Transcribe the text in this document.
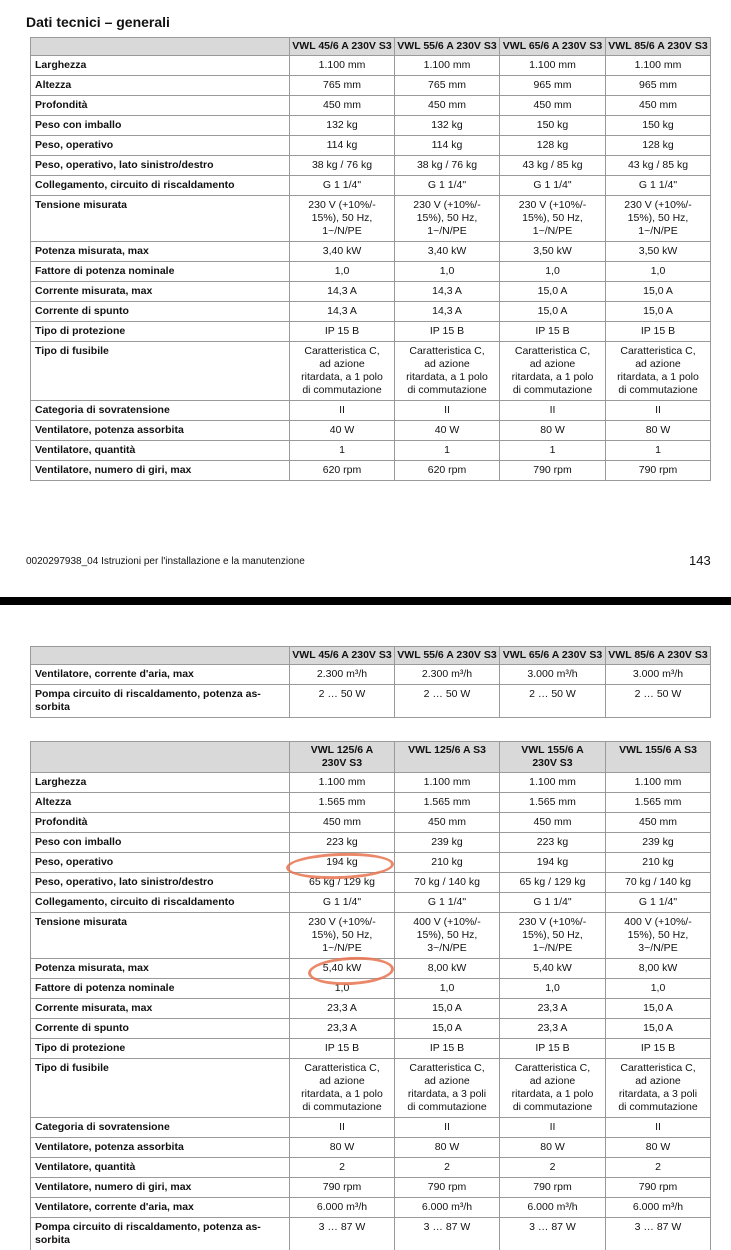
Dati tecnici – generali
	VWL 45/6 A 230V S3	VWL 55/6 A 230V S3	VWL 65/6 A 230V S3	VWL 85/6 A 230V S3
Larghezza	1.100 mm	1.100 mm	1.100 mm	1.100 mm
Altezza	765 mm	765 mm	965 mm	965 mm
Profondità	450 mm	450 mm	450 mm	450 mm
Peso con imballo	132 kg	132 kg	150 kg	150 kg
Peso, operativo	114 kg	114 kg	128 kg	128 kg
Peso, operativo, lato sinistro/destro	38 kg / 76 kg	38 kg / 76 kg	43 kg / 85 kg	43 kg / 85 kg
Collegamento, circuito di riscaldamento	G 1 1/4"	G 1 1/4"	G 1 1/4"	G 1 1/4"
Tensione misurata	230 V (+10%/-
15%), 50 Hz,
1~/N/PE	230 V (+10%/-
15%), 50 Hz,
1~/N/PE	230 V (+10%/-
15%), 50 Hz,
1~/N/PE	230 V (+10%/-
15%), 50 Hz,
1~/N/PE
Potenza misurata, max	3,40 kW	3,40 kW	3,50 kW	3,50 kW
Fattore di potenza nominale	1,0	1,0	1,0	1,0
Corrente misurata, max	14,3 A	14,3 A	15,0 A	15,0 A
Corrente di spunto	14,3 A	14,3 A	15,0 A	15,0 A
Tipo di protezione	IP 15 B	IP 15 B	IP 15 B	IP 15 B
Tipo di fusibile	Caratteristica C,
ad azione
ritardata, a 1 polo
di commutazione	Caratteristica C,
ad azione
ritardata, a 1 polo
di commutazione	Caratteristica C,
ad azione
ritardata, a 1 polo
di commutazione	Caratteristica C,
ad azione
ritardata, a 1 polo
di commutazione
Categoria di sovratensione	II	II	II	II
Ventilatore, potenza assorbita	40 W	40 W	80 W	80 W
Ventilatore, quantità	1	1	1	1
Ventilatore, numero di giri, max	620 rpm	620 rpm	790 rpm	790 rpm
0020297938_04 Istruzioni per l'installazione e la manutenzione	143
	VWL 45/6 A 230V S3	VWL 55/6 A 230V S3	VWL 65/6 A 230V S3	VWL 85/6 A 230V S3
Ventilatore, corrente d'aria, max	2.300 m³/h	2.300 m³/h	3.000 m³/h	3.000 m³/h
Pompa circuito di riscaldamento, potenza as-
sorbita	2 … 50 W	2 … 50 W	2 … 50 W	2 … 50 W
	VWL 125/6 A
230V S3	VWL 125/6 A S3	VWL 155/6 A
230V S3	VWL 155/6 A S3
Larghezza	1.100 mm	1.100 mm	1.100 mm	1.100 mm
Altezza	1.565 mm	1.565 mm	1.565 mm	1.565 mm
Profondità	450 mm	450 mm	450 mm	450 mm
Peso con imballo	223 kg	239 kg	223 kg	239 kg
Peso, operativo	194 kg	210 kg	194 kg	210 kg
Peso, operativo, lato sinistro/destro	65 kg / 129 kg	70 kg / 140 kg	65 kg / 129 kg	70 kg / 140 kg
Collegamento, circuito di riscaldamento	G 1 1/4"	G 1 1/4"	G 1 1/4"	G 1 1/4"
Tensione misurata	230 V (+10%/-
15%), 50 Hz,
1~/N/PE	400 V (+10%/-
15%), 50 Hz,
3~/N/PE	230 V (+10%/-
15%), 50 Hz,
1~/N/PE	400 V (+10%/-
15%), 50 Hz,
3~/N/PE
Potenza misurata, max	5,40 kW	8,00 kW	5,40 kW	8,00 kW
Fattore di potenza nominale	1,0	1,0	1,0	1,0
Corrente misurata, max	23,3 A	15,0 A	23,3 A	15,0 A
Corrente di spunto	23,3 A	15,0 A	23,3 A	15,0 A
Tipo di protezione	IP 15 B	IP 15 B	IP 15 B	IP 15 B
Tipo di fusibile	Caratteristica C,
ad azione
ritardata, a 1 polo
di commutazione	Caratteristica C,
ad azione
ritardata, a 3 poli
di commutazione	Caratteristica C,
ad azione
ritardata, a 1 polo
di commutazione	Caratteristica C,
ad azione
ritardata, a 3 poli
di commutazione
Categoria di sovratensione	II	II	II	II
Ventilatore, potenza assorbita	80 W	80 W	80 W	80 W
Ventilatore, quantità	2	2	2	2
Ventilatore, numero di giri, max	790 rpm	790 rpm	790 rpm	790 rpm
Ventilatore, corrente d'aria, max	6.000 m³/h	6.000 m³/h	6.000 m³/h	6.000 m³/h
Pompa circuito di riscaldamento, potenza as-
sorbita	3 … 87 W	3 … 87 W	3 … 87 W	3 … 87 W
